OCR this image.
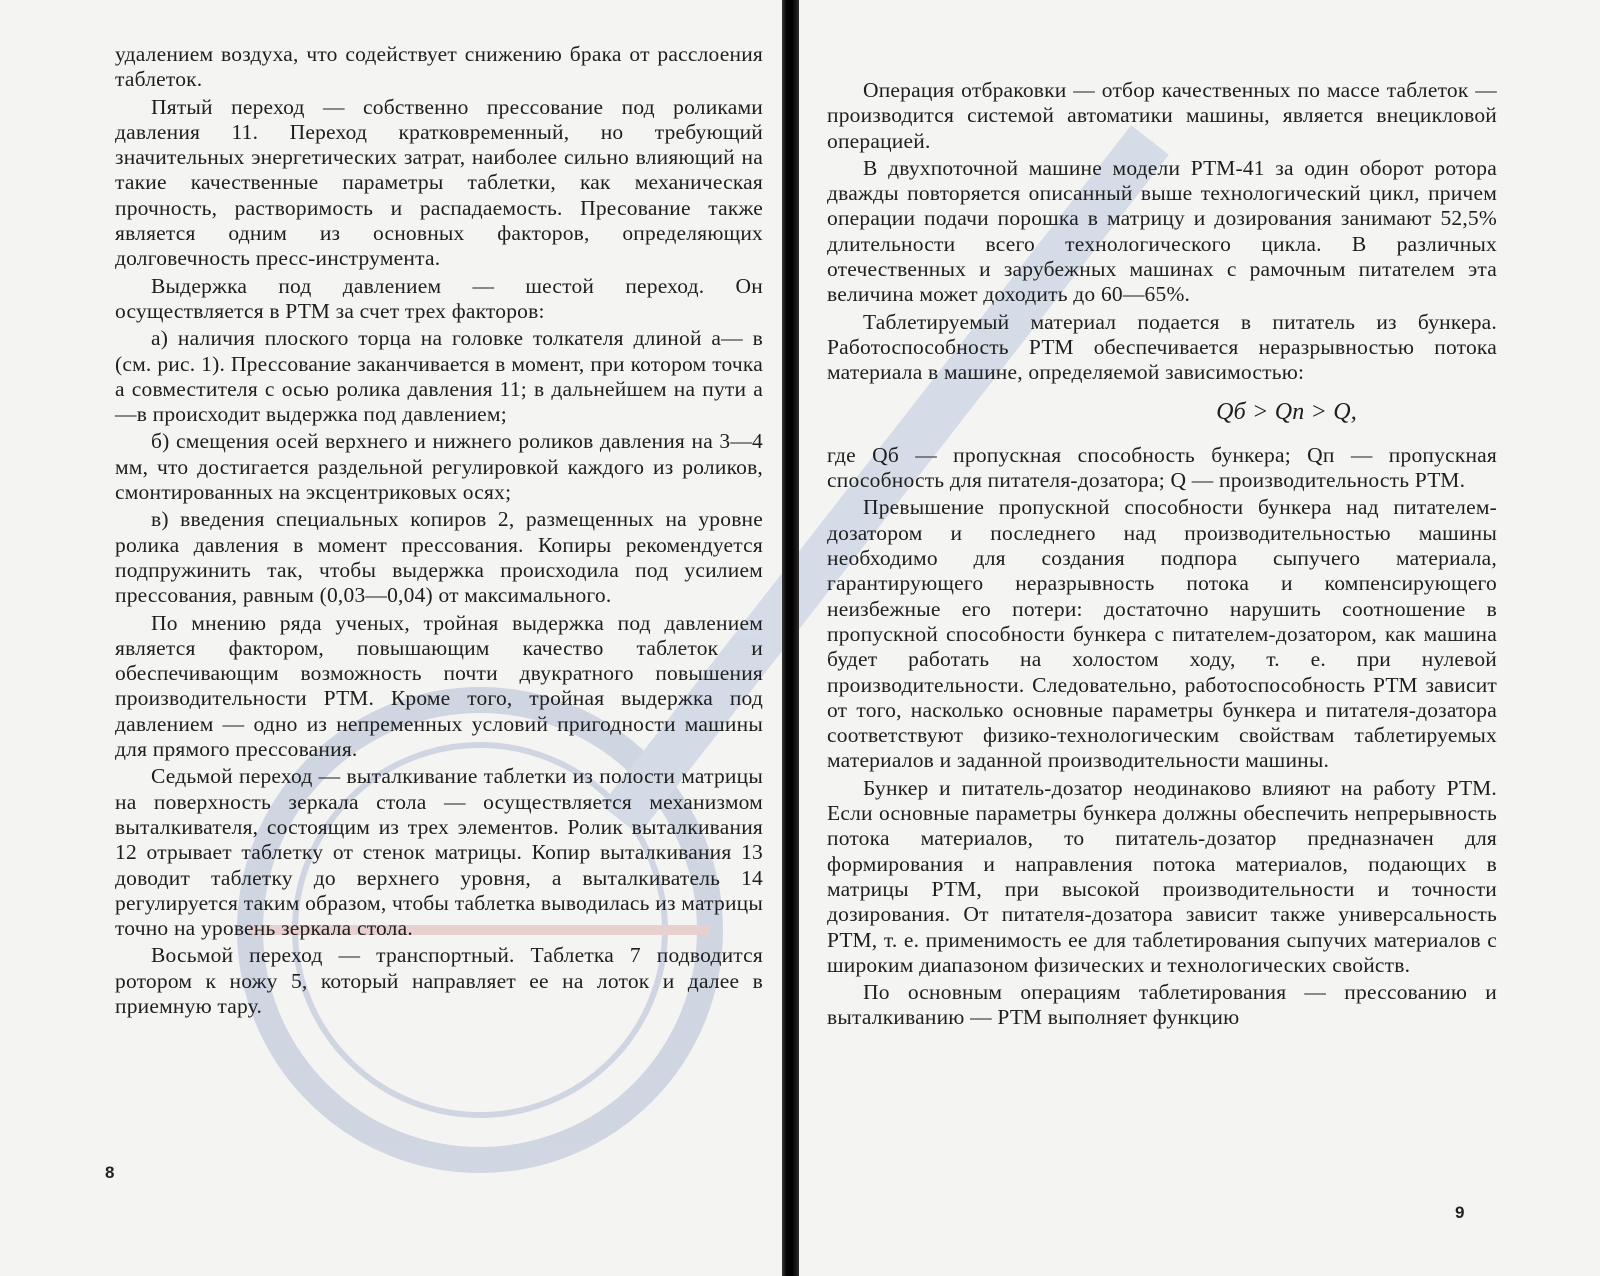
удалением воздуха, что содействует снижению брака от расслоения таблеток.

Пятый переход — собственно прессование под роликами давления 11. Переход кратковременный, но требующий значительных энергетических затрат, наиболее сильно влияющий на такие качественные параметры таблетки, как механическая прочность, растворимость и распадаемость. Пресование также является одним из основных факторов, определяющих долговечность пресс-инструмента.

Выдержка под давлением — шестой переход. Он осуществляется в РТМ за счет трех факторов:

а) наличия плоского торца на головке толкателя длиной а— в (см. рис. 1). Прессование заканчивается в момент, при котором точка а совместителя с осью ролика давления 11; в дальнейшем на пути а—в происходит выдержка под давлением;

б) смещения осей верхнего и нижнего роликов давления на 3—4 мм, что достигается раздельной регулировкой каждого из роликов, смонтированных на эксцентриковых осях;

в) введения специальных копиров 2, размещенных на уровне ролика давления в момент прессования. Копиры рекомендуется подпружинить так, чтобы выдержка происходила под усилием прессования, равным (0,03—0,04) от максимального.

По мнению ряда ученых, тройная выдержка под давлением является фактором, повышающим качество таблеток и обеспечивающим возможность почти двукратного повышения производительности РТМ. Кроме того, тройная выдержка под давлением — одно из непременных условий пригодности машины для прямого прессования.

Седьмой переход — выталкивание таблетки из полости матрицы на поверхность зеркала стола — осуществляется механизмом выталкивателя, состоящим из трех элементов. Ролик выталкивания 12 отрывает таблетку от стенок матрицы. Копир выталкивания 13 доводит таблетку до верхнего уровня, а выталкиватель 14 регулируется таким образом, чтобы таблетка выводилась из матрицы точно на уровень зеркала стола.

Восьмой переход — транспортный. Таблетка 7 подводится ротором к ножу 5, который направляет ее на лоток и далее в приемную тару.

8

Операция отбраковки — отбор качественных по массе таблеток — производится системой автоматики машины, является внецикловой операцией.

В двухпоточной машине модели РТМ-41 за один оборот ротора дважды повторяется описанный выше технологический цикл, причем операции подачи порошка в матрицу и дозирования занимают 52,5% длительности всего технологического цикла. В различных отечественных и зарубежных машинах с рамочным питателем эта величина может доходить до 60—65%.

Таблетируемый материал подается в питатель из бункера. Работоспособность РТМ обеспечивается неразрывностью потока материала в машине, определяемой зависимостью:

Qб > Qп > Q,

где Qб — пропускная способность бункера; Qп — пропускная способность для питателя-дозатора; Q — производительность РТМ.

Превышение пропускной способности бункера над питателем-дозатором и последнего над производительностью машины необходимо для создания подпора сыпучего материала, гарантирующего неразрывность потока и компенсирующего неизбежные его потери: достаточно нарушить соотношение в пропускной способности бункера с питателем-дозатором, как машина будет работать на холостом ходу, т. е. при нулевой производительности. Следовательно, работоспособность РТМ зависит от того, насколько основные параметры бункера и питателя-дозатора соответствуют физико-технологическим свойствам таблетируемых материалов и заданной производительности машины.

Бункер и питатель-дозатор неодинаково влияют на работу РТМ. Если основные параметры бункера должны обеспечить непрерывность потока материалов, то питатель-дозатор предназначен для формирования и направления потока материалов, подающих в матрицы РТМ, при высокой производительности и точности дозирования. От питателя-дозатора зависит также универсальность РТМ, т. е. применимость ее для таблетирования сыпучих материалов с широким диапазоном физических и технологических свойств.

По основным операциям таблетирования — прессованию и выталкиванию — РТМ выполняет функцию

9
